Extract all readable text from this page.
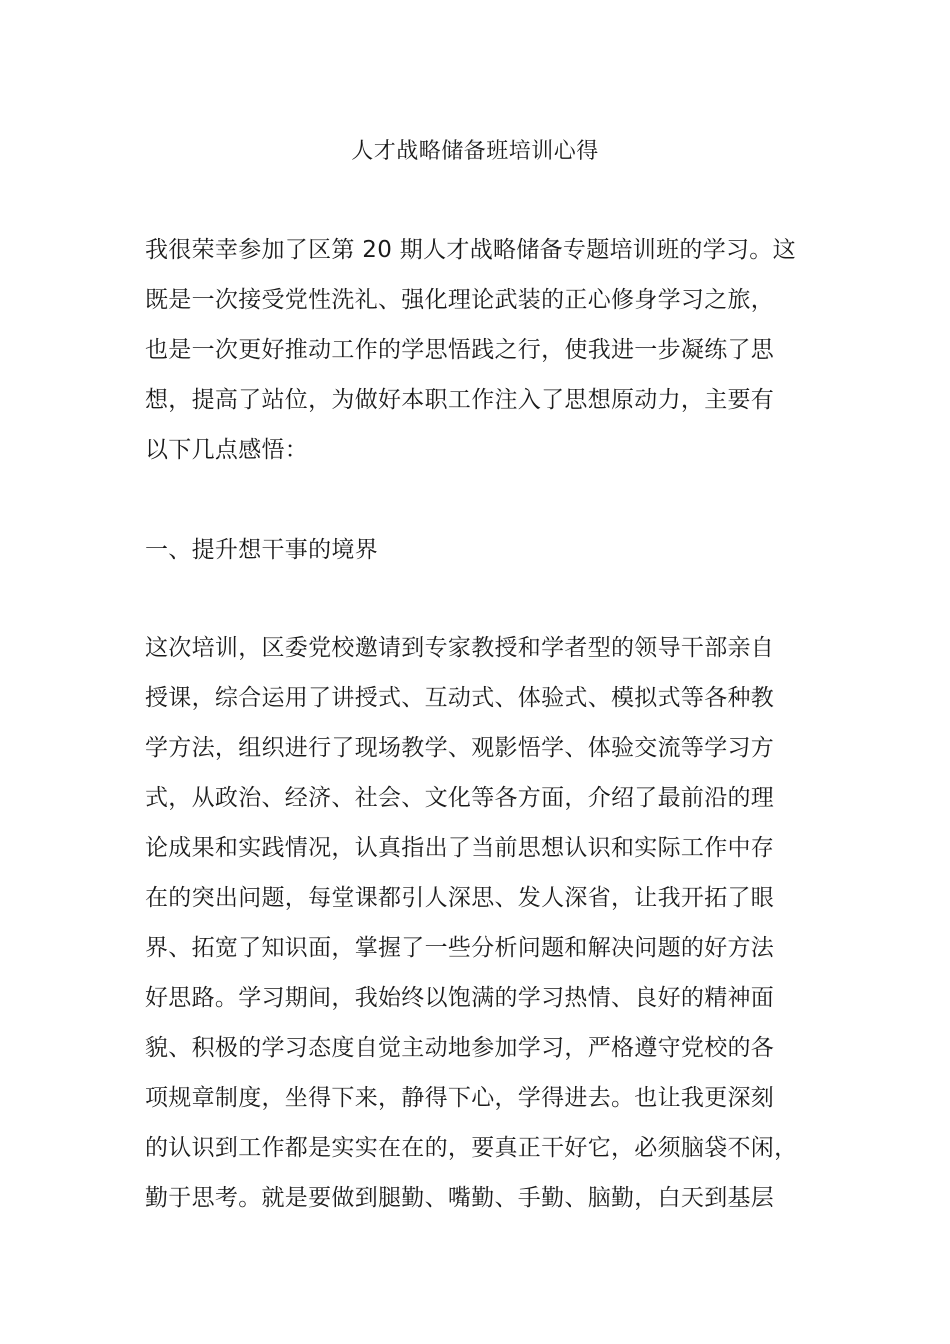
人才战略储备班培训心得
我很荣幸参加了区第 20 期人才战略储备专题培训班的学习。这
既是一次接受党性洗礼、强化理论武装的正心修身学习之旅，
也是一次更好推动工作的学思悟践之行，使我进一步凝练了思
想，提高了站位，为做好本职工作注入了思想原动力，主要有
以下几点感悟：
一、提升想干事的境界
这次培训，区委党校邀请到专家教授和学者型的领导干部亲自
授课，综合运用了讲授式、互动式、体验式、模拟式等各种教
学方法，组织进行了现场教学、观影悟学、体验交流等学习方
式，从政治、经济、社会、文化等各方面，介绍了最前沿的理
论成果和实践情况，认真指出了当前思想认识和实际工作中存
在的突出问题，每堂课都引人深思、发人深省，让我开拓了眼
界、拓宽了知识面，掌握了一些分析问题和解决问题的好方法
好思路。学习期间，我始终以饱满的学习热情、良好的精神面
貌、积极的学习态度自觉主动地参加学习，严格遵守党校的各
项规章制度，坐得下来，静得下心，学得进去。也让我更深刻
的认识到工作都是实实在在的，要真正干好它，必须脑袋不闲，
勤于思考。就是要做到腿勤、嘴勤、手勤、脑勤，白天到基层
